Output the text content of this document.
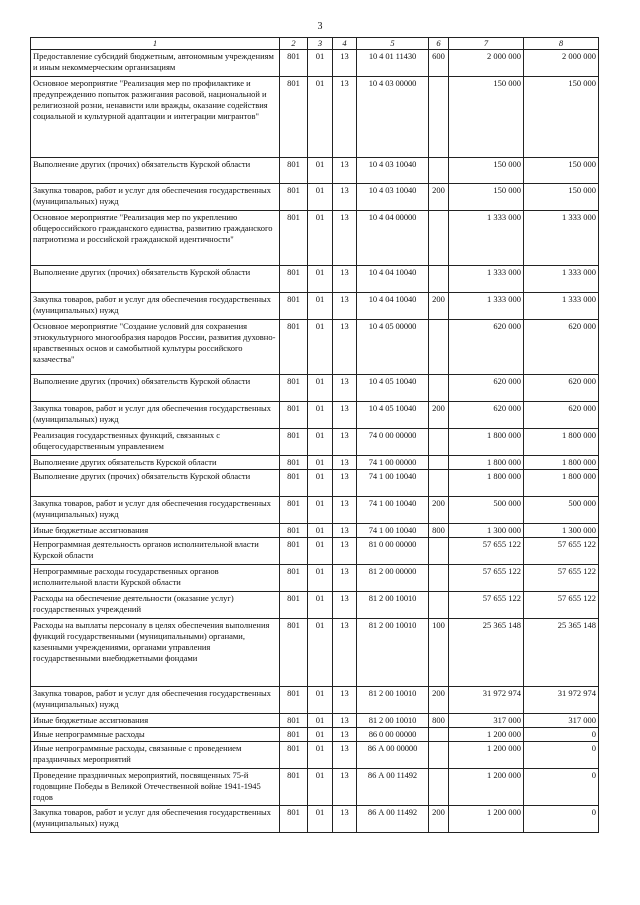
3
1	2	3	4	5	6	7	8
Предоставление субсидий бюджетным, автономным учреждениям и иным некоммерческим организациям	801	01	13	10 4 01 11430	600	2 000 000	2 000 000
Основное мероприятие "Реализация мер по профилактике и предупреждению попыток разжигания расовой, национальной и религиозной розни, ненависти или вражды, оказание содействия социальной и культурной адаптации и интеграции мигрантов"	801	01	13	10 4 03 00000		150 000	150 000
Выполнение других (прочих) обязательств Курской области	801	01	13	10 4 03 10040		150 000	150 000
Закупка товаров, работ и услуг для обеспечения государственных (муниципальных) нужд	801	01	13	10 4 03 10040	200	150 000	150 000
Основное мероприятие "Реализация мер по укреплению общероссийского гражданского единства, развитию гражданского патриотизма и российской гражданской идентичности"	801	01	13	10 4 04 00000		1 333 000	1 333 000
Выполнение других (прочих) обязательств Курской области	801	01	13	10 4 04 10040		1 333 000	1 333 000
Закупка товаров, работ и услуг для обеспечения государственных (муниципальных) нужд	801	01	13	10 4 04 10040	200	1 333 000	1 333 000
Основное мероприятие "Создание условий для сохранения этнокультурного многообразия народов России, развития духовно-нравственных основ и самобытной культуры российского казачества"	801	01	13	10 4 05 00000		620 000	620 000
Выполнение других (прочих) обязательств Курской области	801	01	13	10 4 05 10040		620 000	620 000
Закупка товаров, работ и услуг для обеспечения государственных (муниципальных) нужд	801	01	13	10 4 05 10040	200	620 000	620 000
Реализация государственных функций, связанных с общегосударственным управлением	801	01	13	74 0 00 00000		1 800 000	1 800 000
Выполнение других обязательств Курской области	801	01	13	74 1 00 00000		1 800 000	1 800 000
Выполнение других (прочих) обязательств Курской области	801	01	13	74 1 00 10040		1 800 000	1 800 000
Закупка товаров, работ и услуг для обеспечения государственных (муниципальных) нужд	801	01	13	74 1 00 10040	200	500 000	500 000
Иные бюджетные ассигнования	801	01	13	74 1 00 10040	800	1 300 000	1 300 000
Непрограммная деятельность органов исполнительной власти Курской области	801	01	13	81 0 00 00000		57 655 122	57 655 122
Непрограммные расходы государственных органов исполнительной власти Курской области	801	01	13	81 2 00 00000		57 655 122	57 655 122
Расходы на обеспечение деятельности (оказание услуг) государственных учреждений	801	01	13	81 2 00 10010		57 655 122	57 655 122
Расходы на выплаты персоналу в целях обеспечения выполнения функций государственными (муниципальными) органами, казенными учреждениями, органами управления государственными внебюджетными фондами	801	01	13	81 2 00 10010	100	25 365 148	25 365 148
Закупка товаров, работ и услуг для обеспечения государственных (муниципальных) нужд	801	01	13	81 2 00 10010	200	31 972 974	31 972 974
Иные бюджетные ассигнования	801	01	13	81 2 00 10010	800	317 000	317 000
Иные непрограммные расходы	801	01	13	86 0 00 00000		1 200 000	0
Иные непрограммные расходы, связанные с проведением праздничных мероприятий	801	01	13	86 А 00 00000		1 200 000	0
Проведение праздничных мероприятий, посвященных 75-й годовщине Победы в Великой Отечественной войне 1941-1945 годов	801	01	13	86 А 00 11492		1 200 000	0
Закупка товаров, работ и услуг для обеспечения государственных (муниципальных) нужд	801	01	13	86 А 00 11492	200	1 200 000	0
